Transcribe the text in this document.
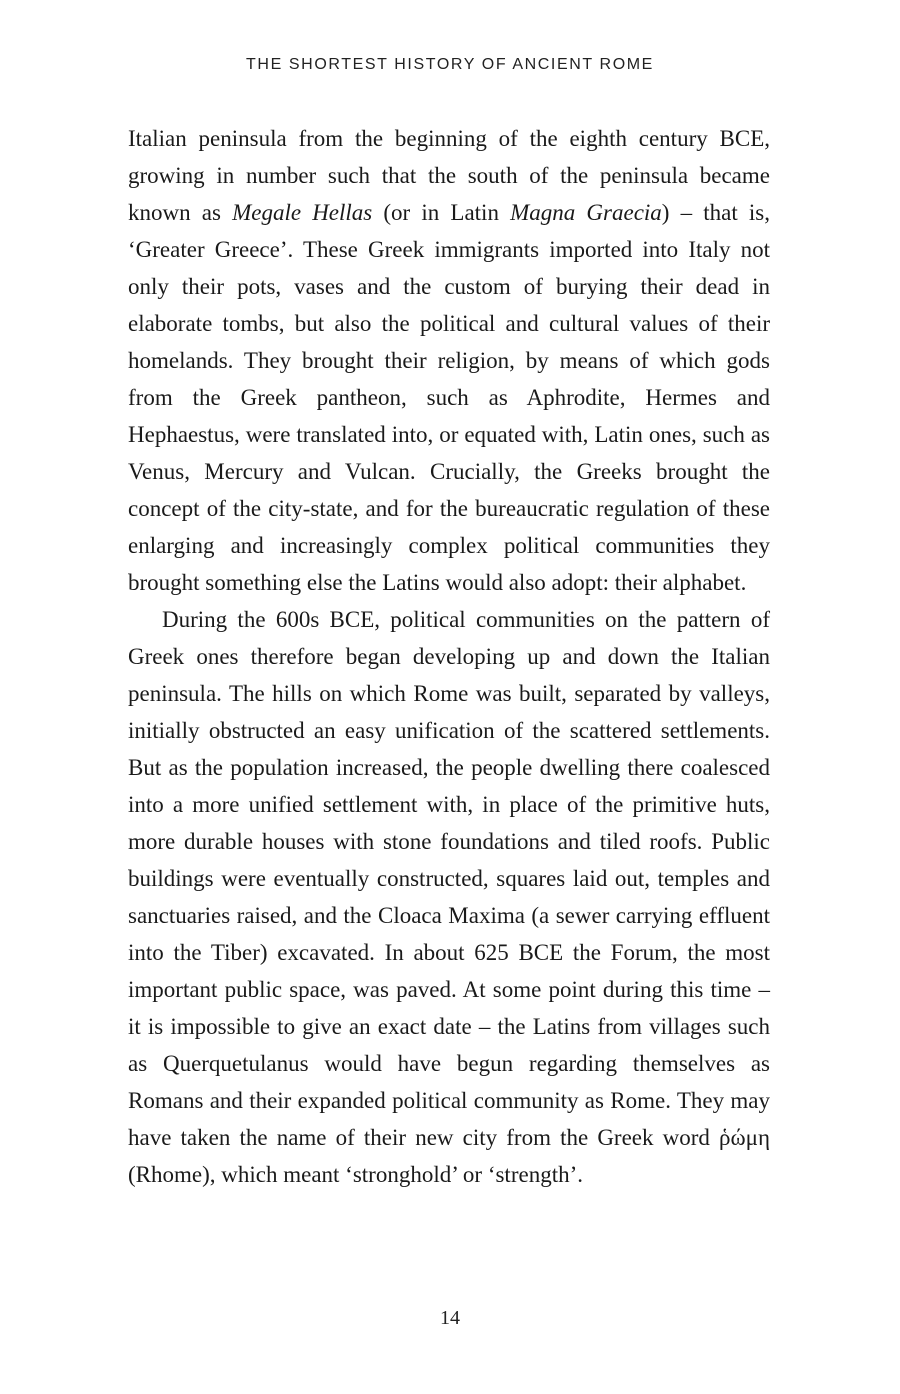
THE SHORTEST HISTORY OF ANCIENT ROME

Italian peninsula from the beginning of the eighth century BCE, growing in number such that the south of the peninsula became known as Megale Hellas (or in Latin Magna Graecia) – that is, ‘Greater Greece’. These Greek immigrants imported into Italy not only their pots, vases and the custom of burying their dead in elaborate tombs, but also the political and cultural values of their homelands. They brought their religion, by means of which gods from the Greek pantheon, such as Aphrodite, Hermes and Hephaestus, were translated into, or equated with, Latin ones, such as Venus, Mercury and Vulcan. Crucially, the Greeks brought the concept of the city-state, and for the bureaucratic regulation of these enlarging and increasingly complex political communities they brought something else the Latins would also adopt: their alphabet.

During the 600s BCE, political communities on the pattern of Greek ones therefore began developing up and down the Italian peninsula. The hills on which Rome was built, separated by valleys, initially obstructed an easy unification of the scattered settlements. But as the population increased, the people dwelling there coalesced into a more unified settlement with, in place of the primitive huts, more durable houses with stone foundations and tiled roofs. Public buildings were eventually constructed, squares laid out, temples and sanctuaries raised, and the Cloaca Maxima (a sewer carrying effluent into the Tiber) excavated. In about 625 BCE the Forum, the most important public space, was paved. At some point during this time – it is impossible to give an exact date – the Latins from villages such as Querquetulanus would have begun regarding themselves as Romans and their expanded political community as Rome. They may have taken the name of their new city from the Greek word ῥώμη (Rhome), which meant ‘stronghold’ or ‘strength’.

14
